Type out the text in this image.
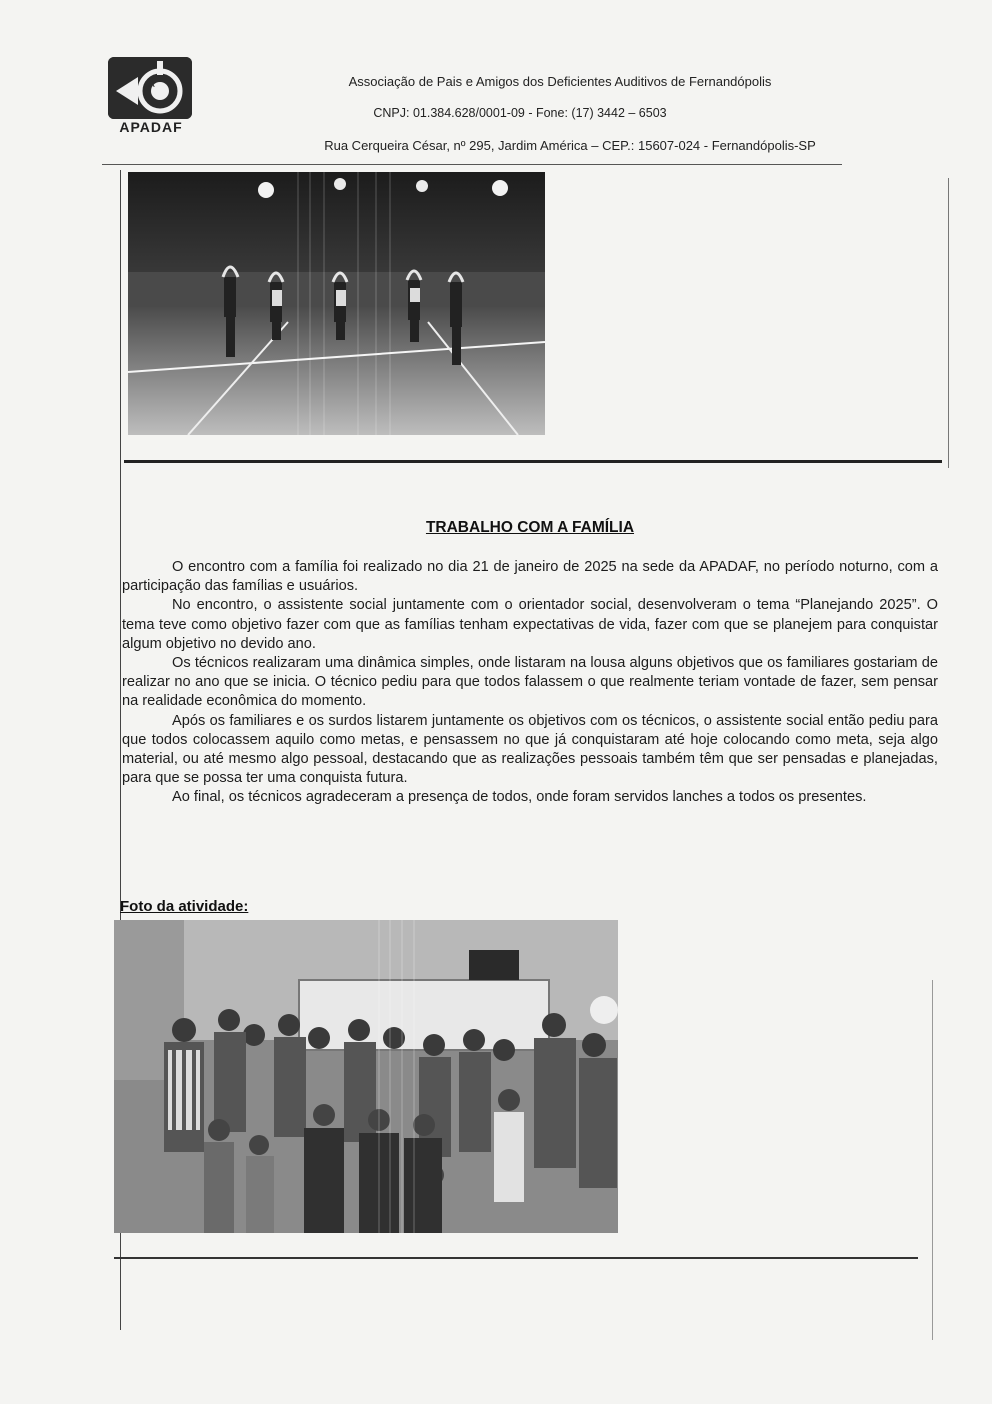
A
APADAF
Associação de Pais e Amigos dos Deficientes Auditivos de Fernandópolis
CNPJ: 01.384.628/0001-09 - Fone: (17) 3442 – 6503
Rua Cerqueira César, nº 295, Jardim América – CEP.: 15607-024 - Fernandópolis-SP
TRABALHO COM A FAMÍLIA

O encontro com a família foi realizado no dia 21 de janeiro de 2025 na sede da APADAF, no período noturno, com a participação das famílias e usuários.

No encontro, o assistente social juntamente com o orientador social, desenvolveram o tema “Planejando 2025”. O tema teve como objetivo fazer com que as famílias tenham expectativas de vida, fazer com que se planejem para conquistar algum objetivo no devido ano.

Os técnicos realizaram uma dinâmica simples, onde listaram na lousa alguns objetivos que os familiares gostariam de realizar no ano que se inicia. O técnico pediu para que todos falassem o que realmente teriam vontade de fazer, sem pensar na realidade econômica do momento.

Após os familiares e os surdos listarem juntamente os objetivos com os técnicos, o assistente social então pediu para que todos colocassem aquilo como metas, e pensassem no que já conquistaram até hoje colocando como meta, seja algo material, ou até mesmo algo pessoal, destacando que as realizações pessoais também têm que ser pensadas e planejadas, para que se possa ter uma conquista futura.

Ao final, os técnicos agradeceram a presença de todos, onde foram servidos lanches a todos os presentes.

Foto da atividade:
